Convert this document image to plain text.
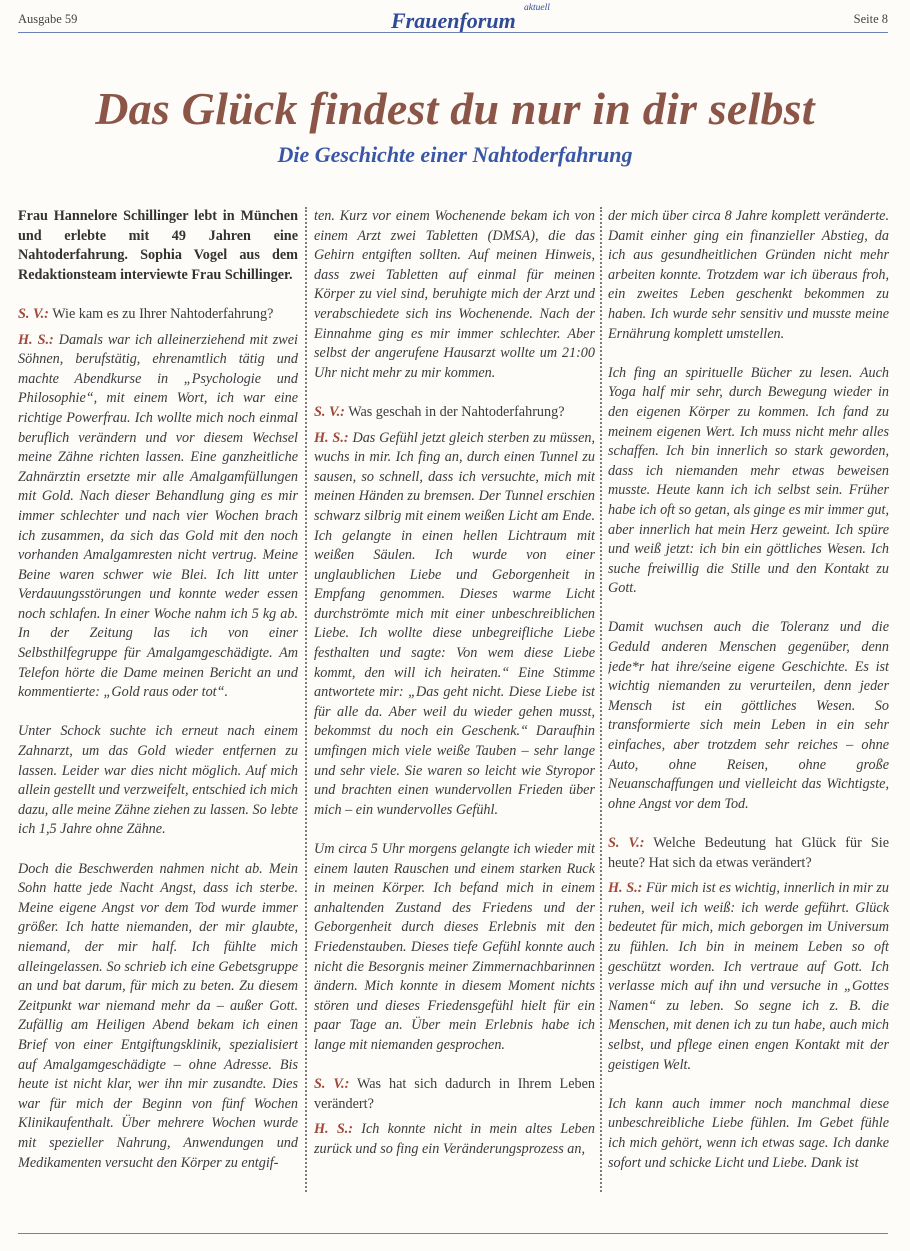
Ausgabe 59	Frauenforum aktuell
Seite 8
Das Glück findest du nur in dir selbst
Die Geschichte einer Nahtoderfahrung

Frau Hannelore Schillinger lebt in München und erlebte mit 49 Jahren eine Nahtoderfahrung. Sophia Vogel aus dem Redaktionsteam interviewte Frau Schillinger.

S. V.: Wie kam es zu Ihrer Nahtoderfahrung?

H. S.: Damals war ich alleinerziehend mit zwei Söhnen, berufstätig, ehrenamtlich tätig und machte Abendkurse in „Psychologie und Philosophie“, mit einem Wort, ich war eine richtige Powerfrau. Ich wollte mich noch einmal beruflich verändern und vor diesem Wechsel meine Zähne richten lassen. Eine ganzheitliche Zahnärztin ersetzte mir alle Amalgamfüllungen mit Gold. Nach dieser Behandlung ging es mir immer schlechter und nach vier Wochen brach ich zusammen, da sich das Gold mit den noch vorhanden Amalgamresten nicht vertrug. Meine Beine waren schwer wie Blei. Ich litt unter Verdauungsstörungen und konnte weder essen noch schlafen. In einer Woche nahm ich 5 kg ab. In der Zeitung las ich von einer Selbsthilfegruppe für Amalgamgeschädigte. Am Telefon hörte die Dame meinen Bericht an und kommentierte: „Gold raus oder tot“.

Unter Schock suchte ich erneut nach einem Zahnarzt, um das Gold wieder entfernen zu lassen. Leider war dies nicht möglich. Auf mich allein gestellt und verzweifelt, entschied ich mich dazu, alle meine Zähne ziehen zu lassen. So lebte ich 1,5 Jahre ohne Zähne.

Doch die Beschwerden nahmen nicht ab. Mein Sohn hatte jede Nacht Angst, dass ich sterbe. Meine eigene Angst vor dem Tod wurde immer größer. Ich hatte niemanden, der mir glaubte, niemand, der mir half. Ich fühlte mich alleingelassen. So schrieb ich eine Gebetsgruppe an und bat darum, für mich zu beten. Zu diesem Zeitpunkt war niemand mehr da – außer Gott. Zufällig am Heiligen Abend bekam ich einen Brief von einer Entgiftungsklinik, spezialisiert auf Amalgamgeschädigte – ohne Adresse. Bis heute ist nicht klar, wer ihn mir zusandte. Dies war für mich der Beginn von fünf Wochen Klinikaufenthalt. Über mehrere Wochen wurde mit spezieller Nahrung, Anwendungen und Medikamenten versucht den Körper zu entgif-

ten. Kurz vor einem Wochenende bekam ich von einem Arzt zwei Tabletten (DMSA), die das Gehirn entgiften sollten. Auf meinen Hinweis, dass zwei Tabletten auf einmal für meinen Körper zu viel sind, beruhigte mich der Arzt und verabschiedete sich ins Wochenende. Nach der Einnahme ging es mir immer schlechter. Aber selbst der angerufene Hausarzt wollte um 21:00 Uhr nicht mehr zu mir kommen.

S. V.: Was geschah in der Nahtoderfahrung?

H. S.: Das Gefühl jetzt gleich sterben zu müssen, wuchs in mir. Ich fing an, durch einen Tunnel zu sausen, so schnell, dass ich versuchte, mich mit meinen Händen zu bremsen. Der Tunnel erschien schwarz silbrig mit einem weißen Licht am Ende. Ich gelangte in einen hellen Lichtraum mit weißen Säulen. Ich wurde von einer unglaublichen Liebe und Geborgenheit in Empfang genommen. Dieses warme Licht durchströmte mich mit einer unbeschreiblichen Liebe. Ich wollte diese unbegreifliche Liebe festhalten und sagte: Von wem diese Liebe kommt, den will ich heiraten.“ Eine Stimme antwortete mir: „Das geht nicht. Diese Liebe ist für alle da. Aber weil du wieder gehen musst, bekommst du noch ein Geschenk.“ Daraufhin umfingen mich viele weiße Tauben – sehr lange und sehr viele. Sie waren so leicht wie Styropor und brachten einen wundervollen Frieden über mich – ein wundervolles Gefühl.

Um circa 5 Uhr morgens gelangte ich wieder mit einem lauten Rauschen und einem starken Ruck in meinen Körper. Ich befand mich in einem anhaltenden Zustand des Friedens und der Geborgenheit durch dieses Erlebnis mit den Friedenstauben. Dieses tiefe Gefühl konnte auch nicht die Besorgnis meiner Zimmernachbarinnen ändern. Mich konnte in diesem Moment nichts stören und dieses Friedensgefühl hielt für ein paar Tage an. Über mein Erlebnis habe ich lange mit niemanden gesprochen.

S. V.: Was hat sich dadurch in Ihrem Leben verändert?

H. S.: Ich konnte nicht in mein altes Leben zurück und so fing ein Veränderungsprozess an,

der mich über circa 8 Jahre komplett veränderte. Damit einher ging ein finanzieller Abstieg, da ich aus gesundheitlichen Gründen nicht mehr arbeiten konnte. Trotzdem war ich überaus froh, ein zweites Leben geschenkt bekommen zu haben. Ich wurde sehr sensitiv und musste meine Ernährung komplett umstellen.

Ich fing an spirituelle Bücher zu lesen. Auch Yoga half mir sehr, durch Bewegung wieder in den eigenen Körper zu kommen. Ich fand zu meinem eigenen Wert. Ich muss nicht mehr alles schaffen. Ich bin innerlich so stark geworden, dass ich niemanden mehr etwas beweisen musste. Heute kann ich ich selbst sein. Früher habe ich oft so getan, als ginge es mir immer gut, aber innerlich hat mein Herz geweint. Ich spüre und weiß jetzt: ich bin ein göttliches Wesen. Ich suche freiwillig die Stille und den Kontakt zu Gott.

Damit wuchsen auch die Toleranz und die Geduld anderen Menschen gegenüber, denn jede*r hat ihre/seine eigene Geschichte. Es ist wichtig niemanden zu verurteilen, denn jeder Mensch ist ein göttliches Wesen. So transformierte sich mein Leben in ein sehr einfaches, aber trotzdem sehr reiches – ohne Auto, ohne Reisen, ohne große Neuanschaffungen und vielleicht das Wichtigste, ohne Angst vor dem Tod.

S. V.: Welche Bedeutung hat Glück für Sie heute? Hat sich da etwas verändert?

H. S.: Für mich ist es wichtig, innerlich in mir zu ruhen, weil ich weiß: ich werde geführt. Glück bedeutet für mich, mich geborgen im Universum zu fühlen. Ich bin in meinem Leben so oft geschützt worden. Ich vertraue auf Gott. Ich verlasse mich auf ihn und versuche in „Gottes Namen“ zu leben. So segne ich z. B. die Menschen, mit denen ich zu tun habe, auch mich selbst, und pflege einen engen Kontakt mit der geistigen Welt.

Ich kann auch immer noch manchmal diese unbeschreibliche Liebe fühlen. Im Gebet fühle ich mich gehört, wenn ich etwas sage. Ich danke sofort und schicke Licht und Liebe. Dank ist
